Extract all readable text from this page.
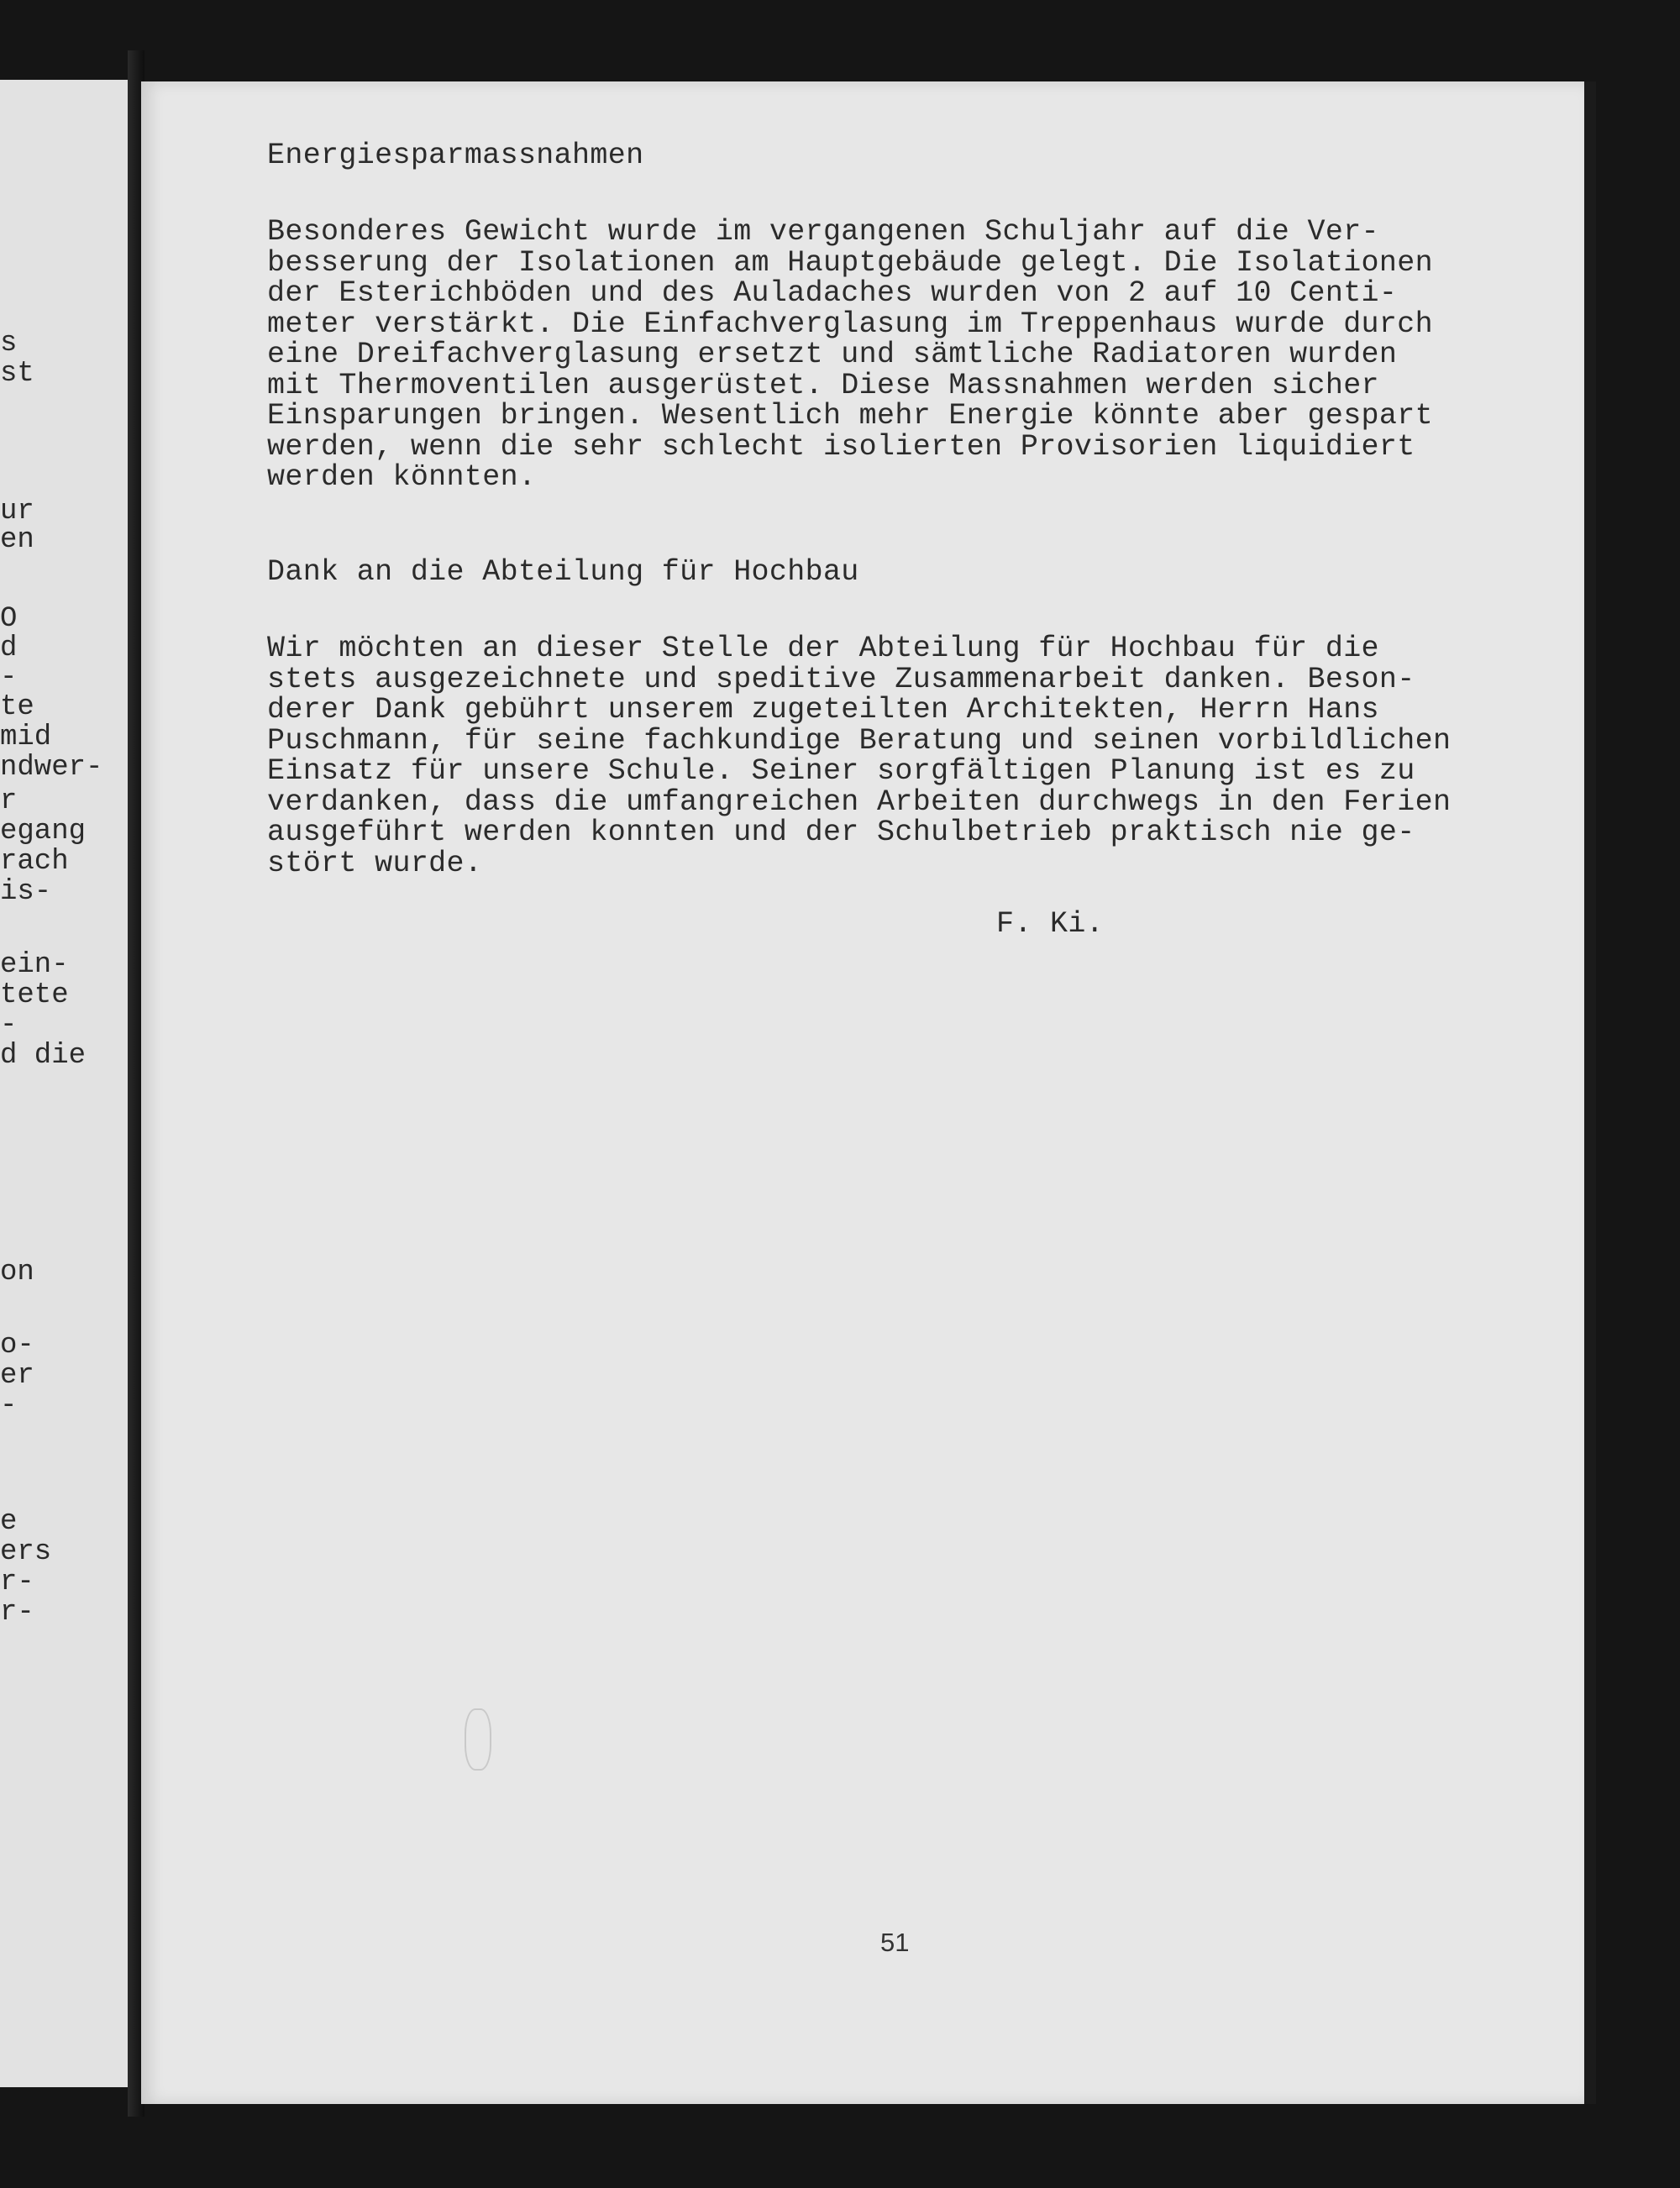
s
st
ur
en
O
d
-
te
mid
ndwer-
r
egang
rach
is-
ein-
tete
-
d die
on
o-
er
-
e
ers
r-
r-
Energiesparmassnahmen
Besonderes Gewicht wurde im vergangenen Schuljahr auf die Ver-
besserung der Isolationen am Hauptgebäude gelegt. Die Isolationen
der Esterichböden und des Auladaches wurden von 2 auf 10 Centi-
meter verstärkt. Die Einfachverglasung im Treppenhaus wurde durch
eine Dreifachverglasung ersetzt und sämtliche Radiatoren wurden
mit Thermoventilen ausgerüstet. Diese Massnahmen werden sicher
Einsparungen bringen. Wesentlich mehr Energie könnte aber gespart
werden, wenn die sehr schlecht isolierten Provisorien liquidiert
werden könnten.
Dank an die Abteilung für Hochbau
Wir möchten an dieser Stelle der Abteilung für Hochbau für die
stets ausgezeichnete und speditive Zusammenarbeit danken. Beson-
derer Dank gebührt unserem zugeteilten Architekten, Herrn Hans
Puschmann, für seine fachkundige Beratung und seinen vorbildlichen
Einsatz für unsere Schule. Seiner sorgfältigen Planung ist es zu
verdanken, dass die umfangreichen Arbeiten durchwegs in den Ferien
ausgeführt werden konnten und der Schulbetrieb praktisch nie ge-
stört wurde.
F. Ki.
51
